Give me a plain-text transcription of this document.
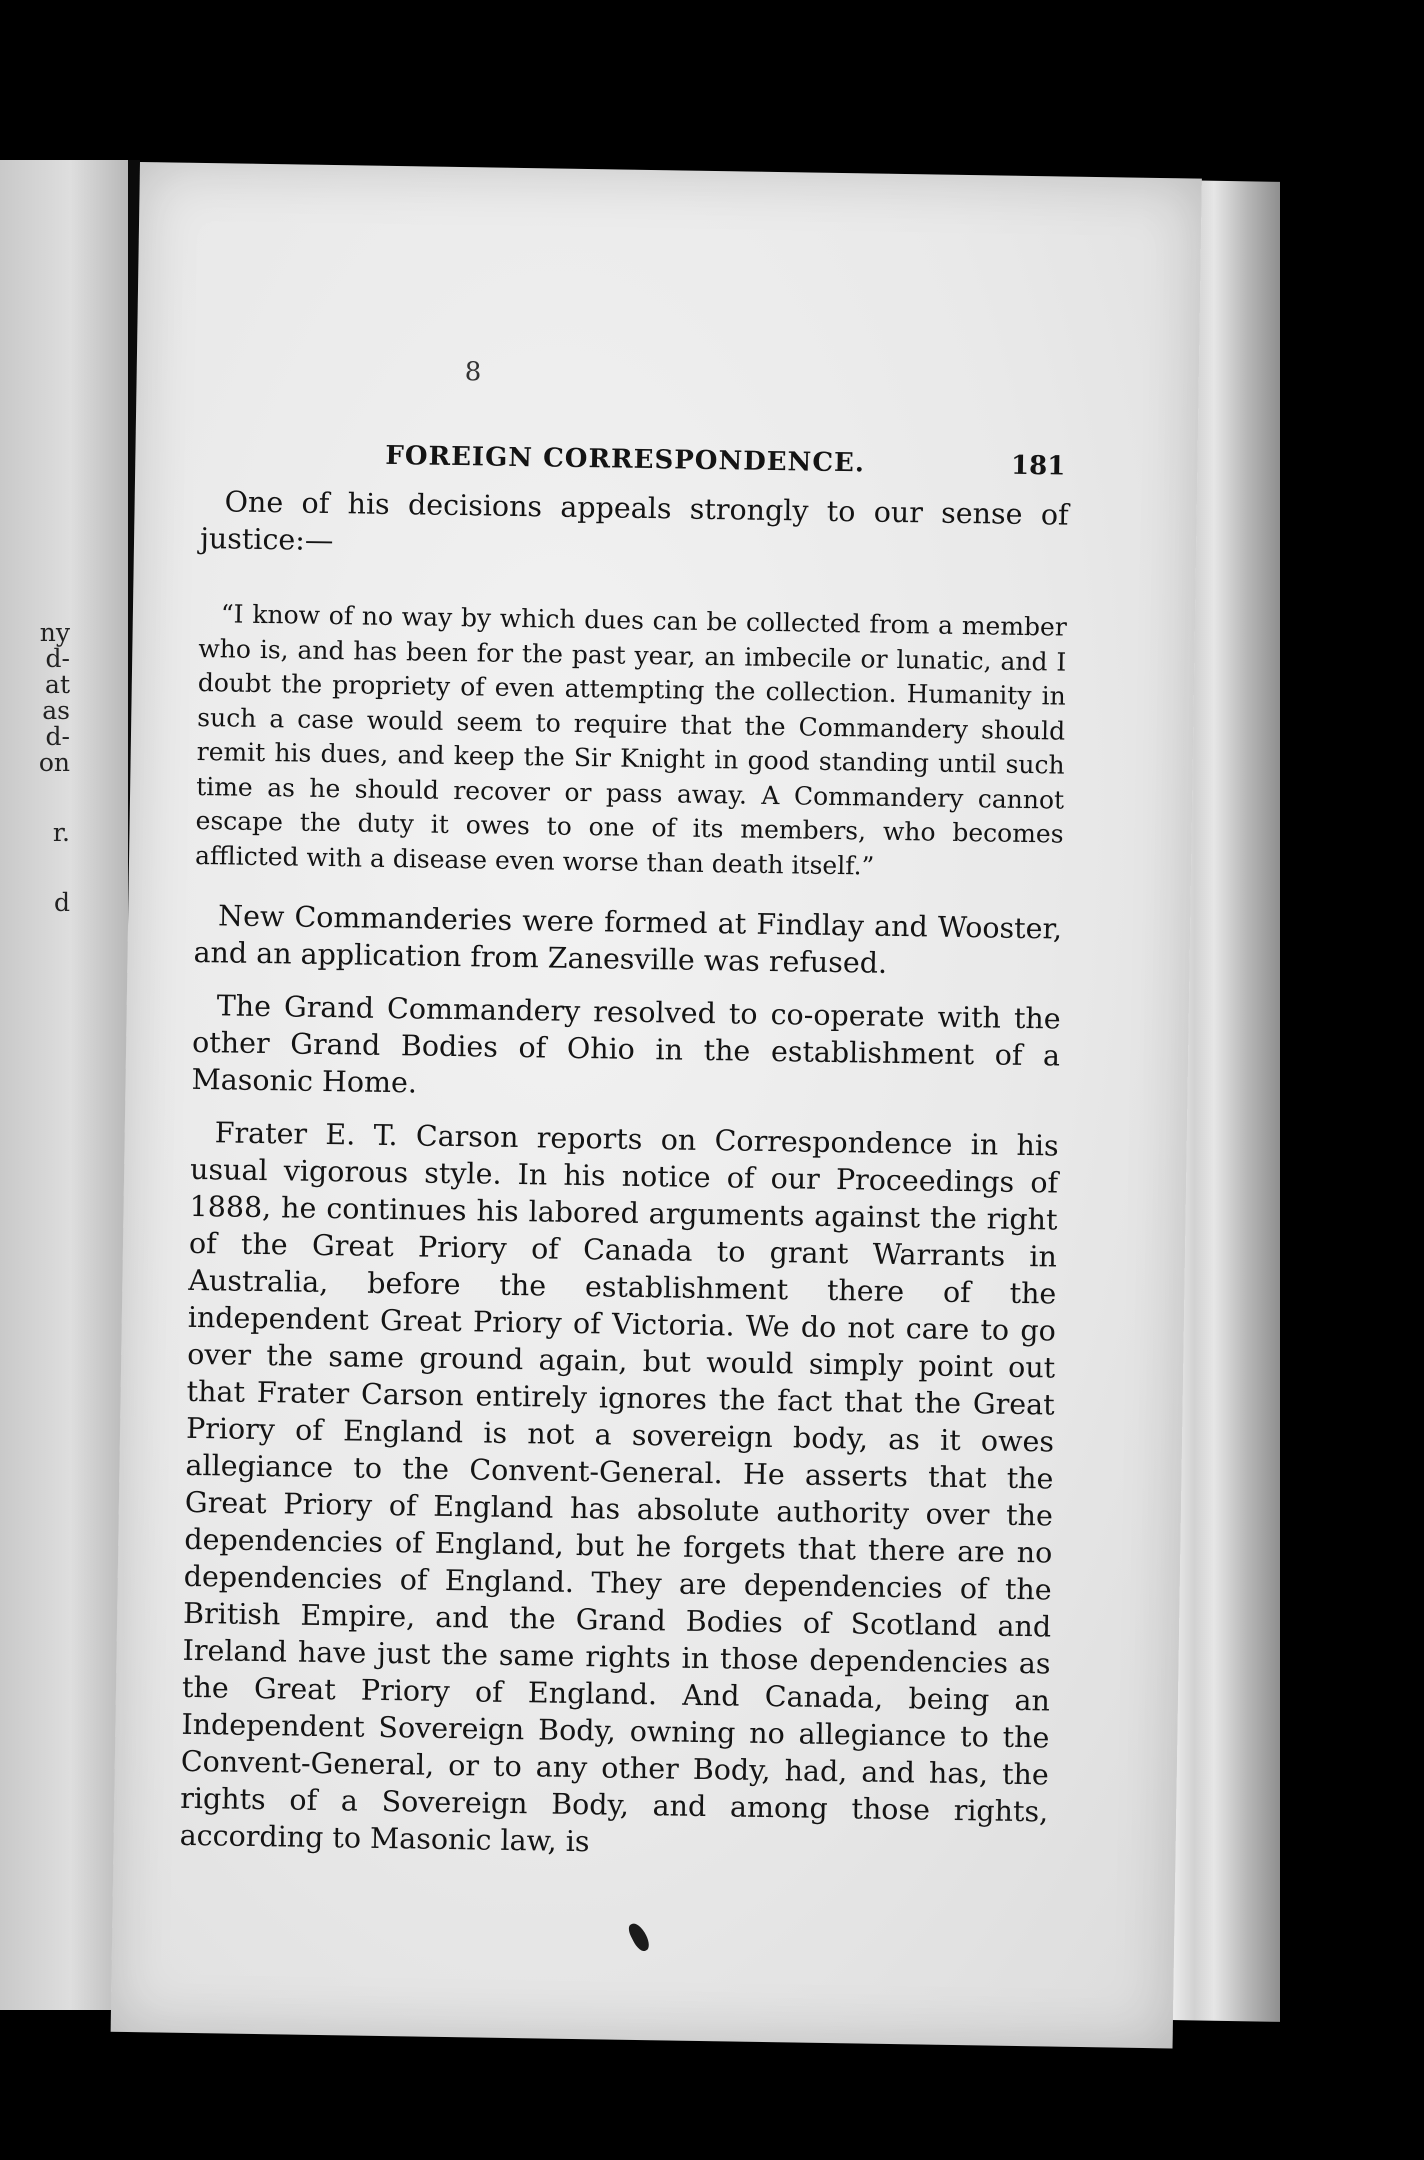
ny
d-
at
as
d-
on
r.
d
8
FOREIGN CORRESPONDENCE.	181

One of his decisions appeals strongly to our sense of justice:—

“I know of no way by which dues can be collected from a member who is, and has been for the past year, an imbecile or lunatic, and I doubt the propriety of even attempting the collection. Humanity in such a case would seem to require that the Commandery should remit his dues, and keep the Sir Knight in good standing until such time as he should recover or pass away. A Commandery cannot escape the duty it owes to one of its members, who becomes afflicted with a disease even worse than death itself.”

New Commanderies were formed at Findlay and Wooster, and an application from Zanesville was refused.

The Grand Commandery resolved to co-operate with the other Grand Bodies of Ohio in the establishment of a Masonic Home.

Frater E. T. Carson reports on Correspondence in his usual vigorous style. In his notice of our Proceedings of 1888, he continues his labored arguments against the right of the Great Priory of Canada to grant Warrants in Australia, before the establishment there of the independent Great Priory of Victoria. We do not care to go over the same ground again, but would simply point out that Frater Carson entirely ignores the fact that the Great Priory of England is not a sovereign body, as it owes allegiance to the Convent-General. He asserts that the Great Priory of England has absolute authority over the dependencies of England, but he forgets that there are no dependencies of England. They are dependencies of the British Empire, and the Grand Bodies of Scotland and Ireland have just the same rights in those dependencies as the Great Priory of England. And Canada, being an Independent Sovereign Body, owning no allegiance to the Convent-General, or to any other Body, had, and has, the rights of a Sovereign Body, and among those rights, according to Masonic law, is
